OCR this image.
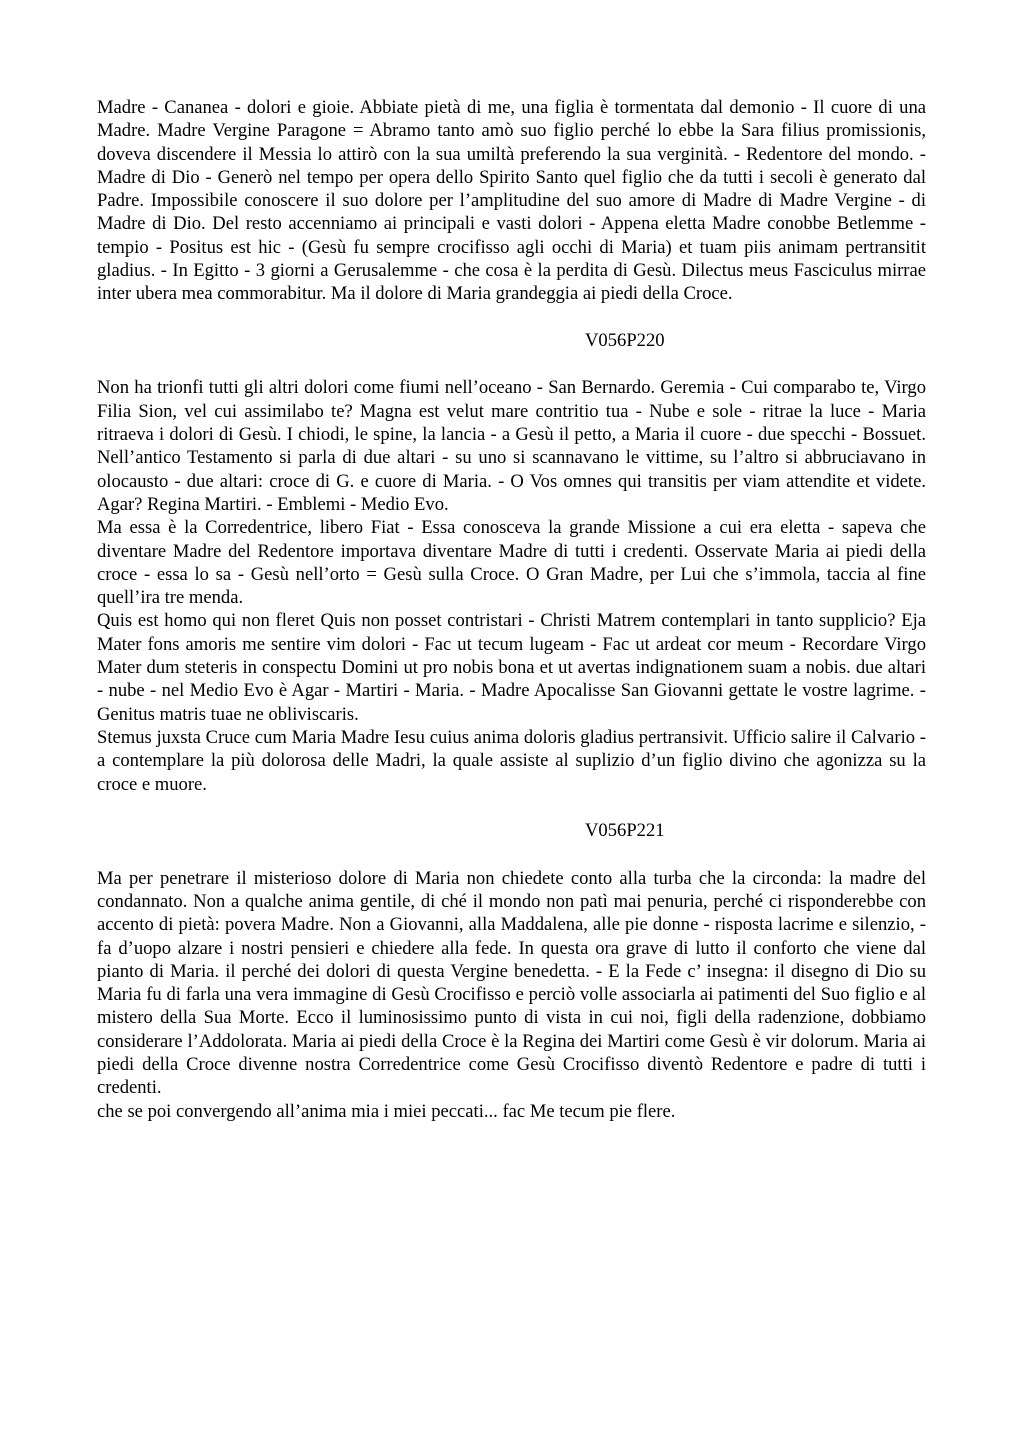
Madre - Cananea - dolori e gioie. Abbiate pietà di me, una figlia è tormentata dal demonio - Il cuore di una Madre. Madre Vergine Paragone = Abramo tanto amò suo figlio perché lo ebbe la Sara filius promissionis, doveva discendere il Messia lo attirò con la sua umiltà preferendo la sua verginità. - Redentore del mondo. - Madre di Dio - Generò nel tempo per opera dello Spirito Santo quel figlio che da tutti i secoli è generato dal Padre. Impossibile conoscere il suo dolore per l’amplitudine del suo amore di Madre di Madre Vergine - di Madre di Dio. Del resto accenniamo ai principali e vasti dolori - Appena eletta Madre conobbe Betlemme - tempio - Positus est hic - (Gesù fu sempre crocifisso agli occhi di Maria) et tuam piis animam pertransitit gladius. - In Egitto - 3 giorni a Gerusalemme - che cosa è la perdita di Gesù. Dilectus meus Fasciculus mirrae inter ubera mea commorabitur. Ma il dolore di Maria grandeggia ai piedi della Croce.

V056P220

Non ha trionfi tutti gli altri dolori come fiumi nell’oceano - San Bernardo. Geremia - Cui comparabo te, Virgo Filia Sion, vel cui assimilabo te? Magna est velut mare contritio tua - Nube e sole - ritrae la luce - Maria ritraeva i dolori di Gesù. I chiodi, le spine, la lancia - a Gesù il petto, a Maria il cuore - due specchi - Bossuet. Nell’antico Testamento si parla di due altari - su uno si scannavano le vittime, su l’altro si abbruciavano in olocausto - due altari: croce di G. e cuore di Maria. - O Vos omnes qui transitis per viam attendite et videte. Agar? Regina Martiri. - Emblemi - Medio Evo.

Ma essa è la Corredentrice, libero Fiat - Essa conosceva la grande Missione a cui era eletta - sapeva che diventare Madre del Redentore importava diventare Madre di tutti i credenti. Osservate Maria ai piedi della croce - essa lo sa - Gesù nell’orto = Gesù sulla Croce. O Gran Madre, per Lui che s’immola, taccia al fine quell’ira tre menda.

Quis est homo qui non fleret Quis non posset contristari - Christi Matrem contemplari in tanto supplicio? Eja Mater fons amoris me sentire vim dolori - Fac ut tecum lugeam - Fac ut ardeat cor meum - Recordare Virgo Mater dum steteris in conspectu Domini ut pro nobis bona et ut avertas indignationem suam a nobis. due altari - nube - nel Medio Evo è Agar - Martiri - Maria. - Madre Apocalisse San Giovanni gettate le vostre lagrime. - Genitus matris tuae ne obliviscaris.

Stemus juxsta Cruce cum Maria Madre Iesu cuius anima doloris gladius pertransivit. Ufficio salire il Calvario - a contemplare la più dolorosa delle Madri, la quale assiste al suplizio d’un figlio divino che agonizza su la croce e muore.

V056P221

Ma per penetrare il misterioso dolore di Maria non chiedete conto alla turba che la circonda: la madre del condannato. Non a qualche anima gentile, di ché il mondo non patì mai penuria, perché ci risponderebbe con accento di pietà: povera Madre. Non a Giovanni, alla Maddalena, alle pie donne - risposta lacrime e silenzio, - fa d’uopo alzare i nostri pensieri e chiedere alla fede. In questa ora grave di lutto il conforto che viene dal pianto di Maria. il perché dei dolori di questa Vergine benedetta. - E la Fede c’ insegna: il disegno di Dio su Maria fu di farla una vera immagine di Gesù Crocifisso e perciò volle associarla ai patimenti del Suo figlio e al mistero della Sua Morte. Ecco il luminosissimo punto di vista in cui noi, figli della radenzione, dobbiamo considerare l’Addolorata. Maria ai piedi della Croce è la Regina dei Martiri come Gesù è vir dolorum. Maria ai piedi della Croce divenne nostra Corredentrice come Gesù Crocifisso diventò Redentore e padre di tutti i credenti.

che se poi convergendo all’anima mia i miei peccati... fac Me tecum pie flere.
